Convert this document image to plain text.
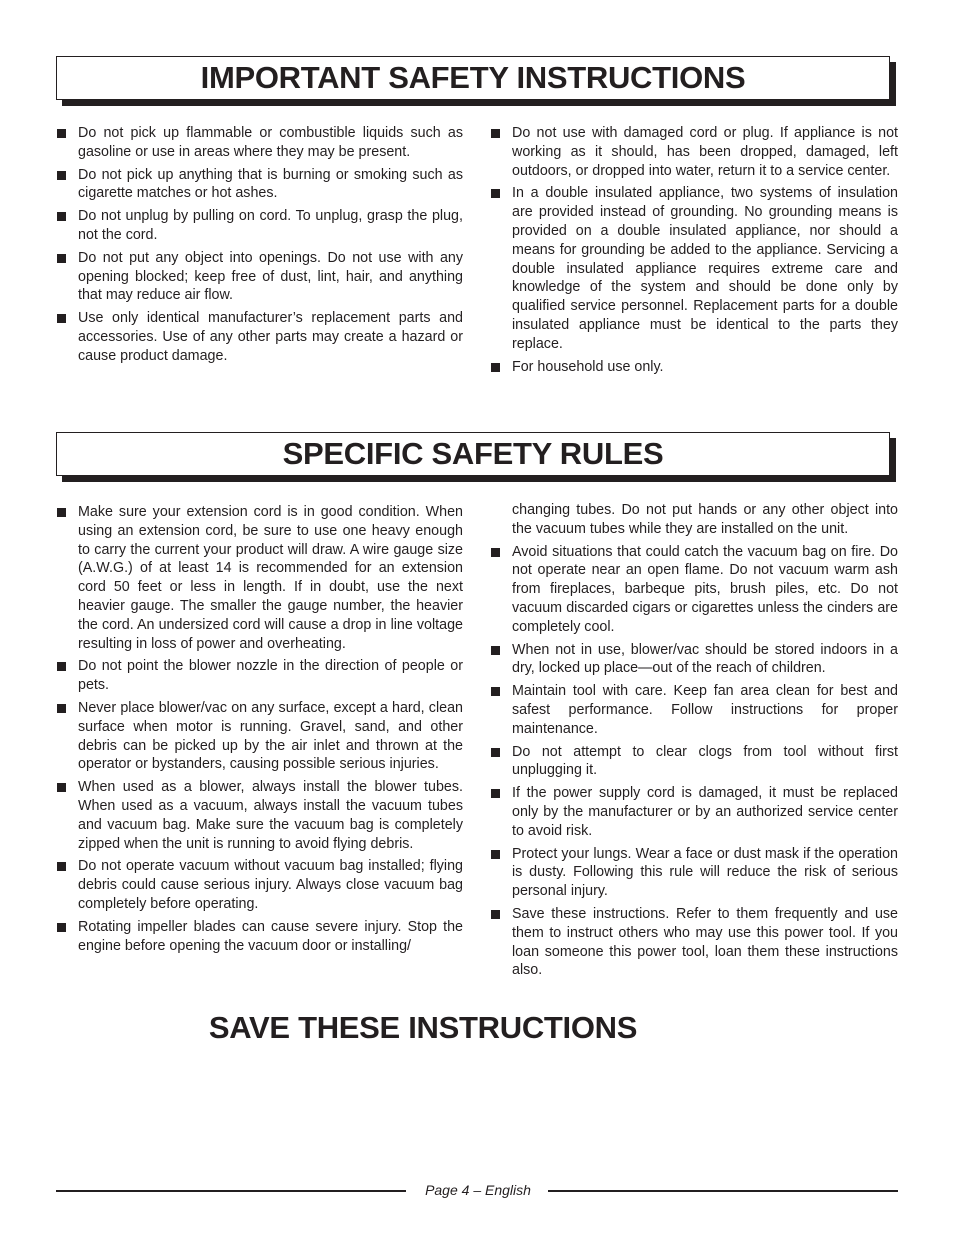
IMPORTANT SAFETY INSTRUCTIONS
Do not pick up flammable or combustible liquids such as gasoline or use in areas where they may be present.
Do not pick up anything that is burning or smoking such as cigarette matches or hot ashes.
Do not unplug by pulling on cord. To unplug, grasp the plug, not the cord.
Do not put any object into openings. Do not use with any opening blocked; keep free of dust, lint, hair, and anything that may reduce air flow.
Use only identical manufacturer’s replacement parts and accessories. Use of any other parts may create a hazard or cause product damage.
Do not use with damaged cord or plug. If appliance is not working as it should, has been dropped, damaged, left outdoors, or dropped into water, return it to a service center.
In a double insulated appliance, two systems of insulation are provided instead of grounding. No grounding means is provided on a double insulated appliance, nor should a means for grounding be added to the appliance. Servicing a double insulated appliance requires extreme care and knowledge of the system and should be done only by qualified service personnel. Replacement parts for a double insulated appliance must be identical to the parts they replace.
For household use only.
SPECIFIC SAFETY RULES
Make sure your extension cord is in good condition. When using an extension cord, be sure to use one heavy enough to carry the current your product will draw. A wire gauge size (A.W.G.) of at least 14 is recommended for an extension cord 50 feet or less in length. If in doubt, use the next heavier gauge. The smaller the gauge number, the heavier the cord. An undersized cord will cause a drop in line voltage resulting in loss of power and overheating.
Do not point the blower nozzle in the direction of people or pets.
Never place blower/vac on any surface, except a hard, clean surface when motor is running. Gravel, sand, and other debris can be picked up by the air inlet and thrown at the operator or bystanders, causing possible serious injuries.
When used as a blower, always install the blower tubes. When used as a vacuum, always install the vacuum tubes and vacuum bag. Make sure the vacuum bag is completely zipped when the unit is running to avoid flying debris.
Do not operate vacuum without vacuum bag installed; flying debris could cause serious injury. Always close vacuum bag completely before operating.
Rotating impeller blades can cause severe injury. Stop the engine before opening the vacuum door or installing/
changing tubes. Do not put hands or any other object into the vacuum tubes while they are installed on the unit.
Avoid situations that could catch the vacuum bag on fire. Do not operate near an open flame. Do not vacuum warm ash from fireplaces, barbeque pits, brush piles, etc. Do not vacuum discarded cigars or cigarettes unless the cinders are completely cool.
When not in use, blower/vac should be stored indoors in a dry, locked up place—out of the reach of children.
Maintain tool with care. Keep fan area clean for best and safest performance. Follow instructions for proper maintenance.
Do not attempt to clear clogs from tool without first unplugging it.
If the power supply cord is damaged, it must be replaced only by the manufacturer or by an authorized service center to avoid risk.
Protect your lungs. Wear a face or dust mask if the operation is dusty. Following this rule will reduce the risk of serious personal injury.
Save these instructions. Refer to them frequently and use them to instruct others who may use this power tool. If you loan someone this power tool, loan them these instructions also.
SAVE THESE INSTRUCTIONS
Page 4 – English
